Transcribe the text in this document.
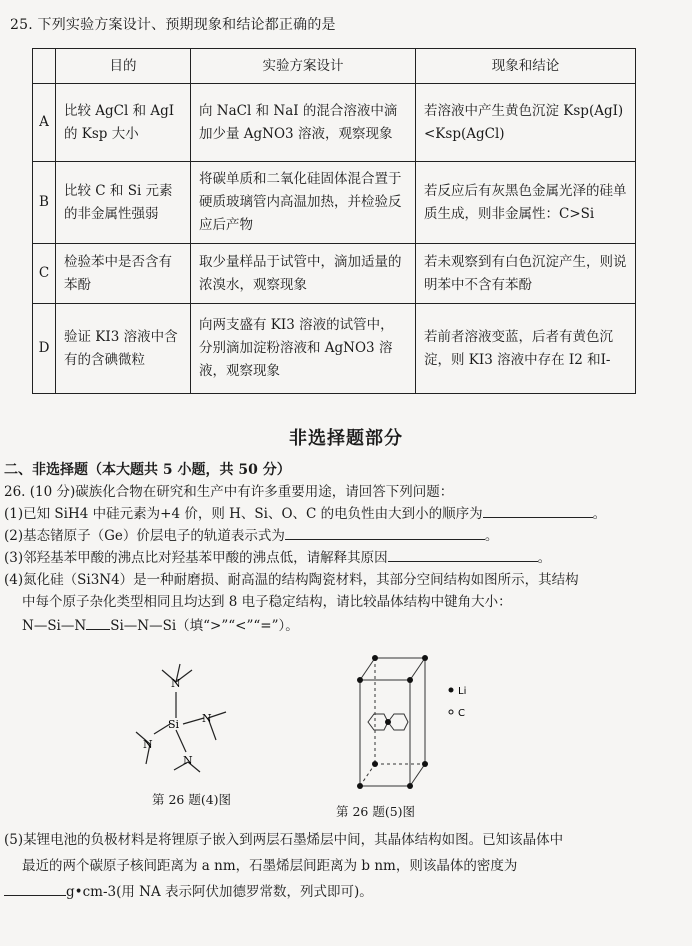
25. 下列实验方案设计、预期现象和结论都正确的是
	目的	实验方案设计	现象和结论
A	比较 AgCl 和 AgI 的 Ksp 大小	向 NaCl 和 NaI 的混合溶液中滴加少量 AgNO3 溶液，观察现象	若溶液中产生黄色沉淀 Ksp(AgI)<Ksp(AgCl)
B	比较 C 和 Si 元素的非金属性强弱	将碳单质和二氧化硅固体混合置于硬质玻璃管内高温加热，并检验反应后产物	若反应后有灰黑色金属光泽的硅单质生成，则非金属性：C>Si
C	检验苯中是否含有苯酚	取少量样品于试管中，滴加适量的浓溴水，观察现象	若未观察到有白色沉淀产生，则说明苯中不含有苯酚
D	验证 KI3 溶液中含有的含碘微粒	向两支盛有 KI3 溶液的试管中，分别滴加淀粉溶液和 AgNO3 溶液，观察现象	若前者溶液变蓝，后者有黄色沉淀，则 KI3 溶液中存在 I2 和I-
非选择题部分
二、非选择题（本大题共 5 小题，共 50 分）
26. (10 分)碳族化合物在研究和生产中有许多重要用途，请回答下列问题：
(1)已知 SiH4 中硅元素为+4 价，则 H、Si、O、C 的电负性由大到小的顺序为	。
(2)基态锗原子（Ge）价层电子的轨道表示式为	。
(3)邻羟基苯甲酸的沸点比对羟基苯甲酸的沸点低，请解释其原因	。
(4)氮化硅（Si3N4）是一种耐磨损、耐高温的结构陶瓷材料，其部分空间结构如图所示，其结构
中每个原子杂化类型相同且均达到 8 电子稳定结构，请比较晶体结构中键角大小：
N—Si—N Si—N—Si（填“>”“<”“=”）。
N
Si
N
N
N
第 26 题(4)图
Li
C
第 26 题(5)图
(5)某锂电池的负极材料是将锂原子嵌入到两层石墨烯层中间，其晶体结构如图。已知该晶体中
最近的两个碳原子核间距离为 a nm，石墨烯层间距离为 b nm，则该晶体的密度为
g•cm-3(用 NA 表示阿伏加德罗常数，列式即可)。
